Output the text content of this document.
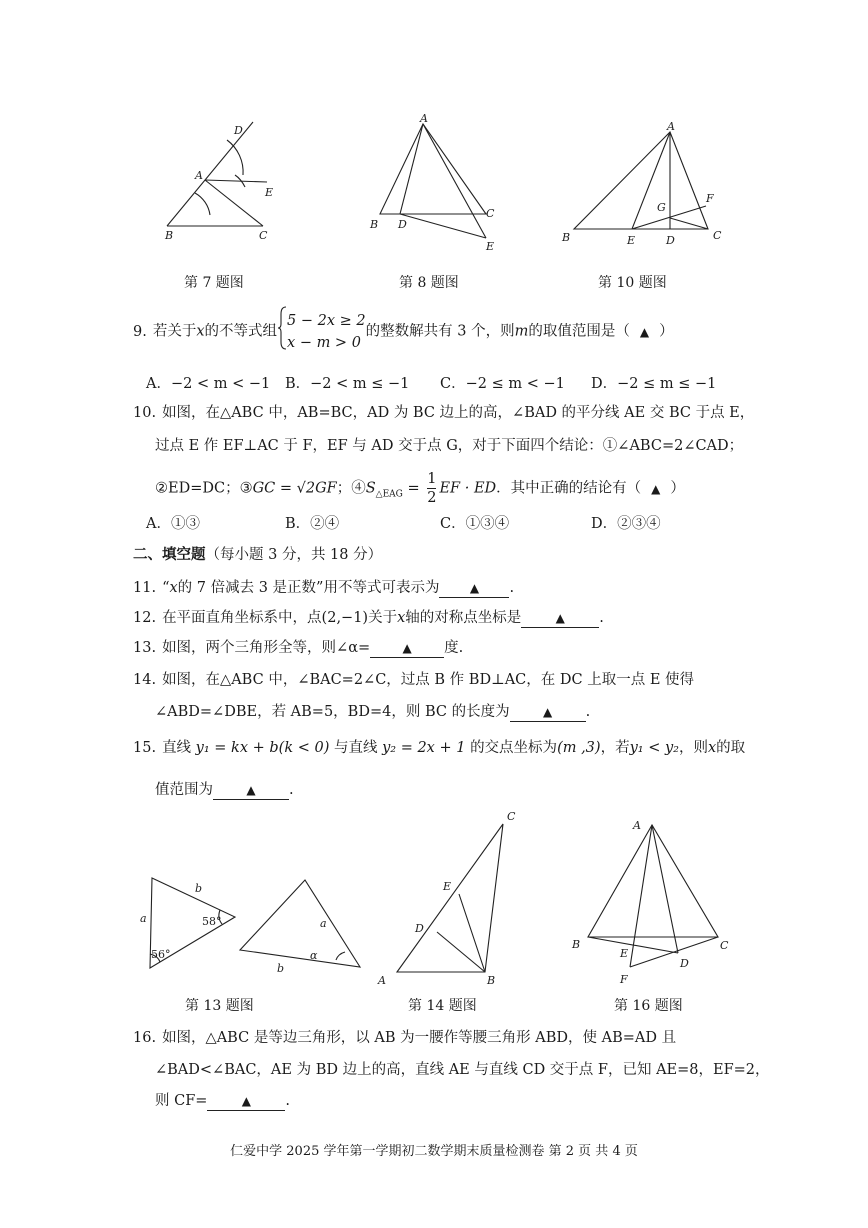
D
A
E
B	C
第 7 题图
A
B D
C
E
第 8 题图
A
F
G
B	E	D	C
第 10 题图
9. 若关于x的不等式组
5 − 2x ≥ 2
x − m > 0
的整数解共有 3 个，则m的取值范围是（ ▲ ）
A．−2 < m < −1 B．−2 < m ≤ −1 C．−2 ≤ m < −1 D．−2 ≤ m ≤ −1
10. 如图，在△ABC 中，AB=BC，AD 为 BC 边上的高，∠BAD 的平分线 AE 交 BC 于点 E，
过点 E 作 EF⊥AC 于 F，EF 与 AD 交于点 G，对于下面四个结论：①∠ABC=2∠CAD；
②ED=DC；③GC = √2GF；$④S_{\triangle EAG} = \frac{1}{2}$ EF · ED．其中正确的结论有（ ▲ ）
A．①③	B．②④	C．①③④	D．②③④
二、填空题（每小题 3 分，共 18 分）
11. “x的 7 倍减去 3 是正数”用不等式可表示为	▲ .
12. 在平面直角坐标系中，点(2,−1)关于x轴的对称点坐标是	▲ .
13. 如图，两个三角形全等，则∠α=	▲ 度.
14. 如图，在△ABC 中，∠BAC=2∠C，过点 B 作 BD⊥AC，在 DC 上取一点 E 使得
∠ABD=∠DBE，若 AB=5，BD=4，则 BC 的长度为	▲ .
15. 直线 y₁ = kx + b(k < 0) 与直线 y₂ = 2x + 1 的交点坐标为(m ,3)，若y₁ < y₂，则x的取
值范围为	▲ .
b
a	58°
56°
a
b
α
第 13 题图
C
E
D
A	B
第 14 题图
A
B	C
E
D
F
第 16 题图
16. 如图，△ABC 是等边三角形，以 AB 为一腰作等腰三角形 ABD，使 AB=AD 且
∠BAD<∠BAC，AE 为 BD 边上的高，直线 AE 与直线 CD 交于点 F，已知 AE=8，EF=2，
则 CF=	▲ .
仁爱中学 2025 学年第一学期初二数学期末质量检测卷 第 2 页 共 4 页
